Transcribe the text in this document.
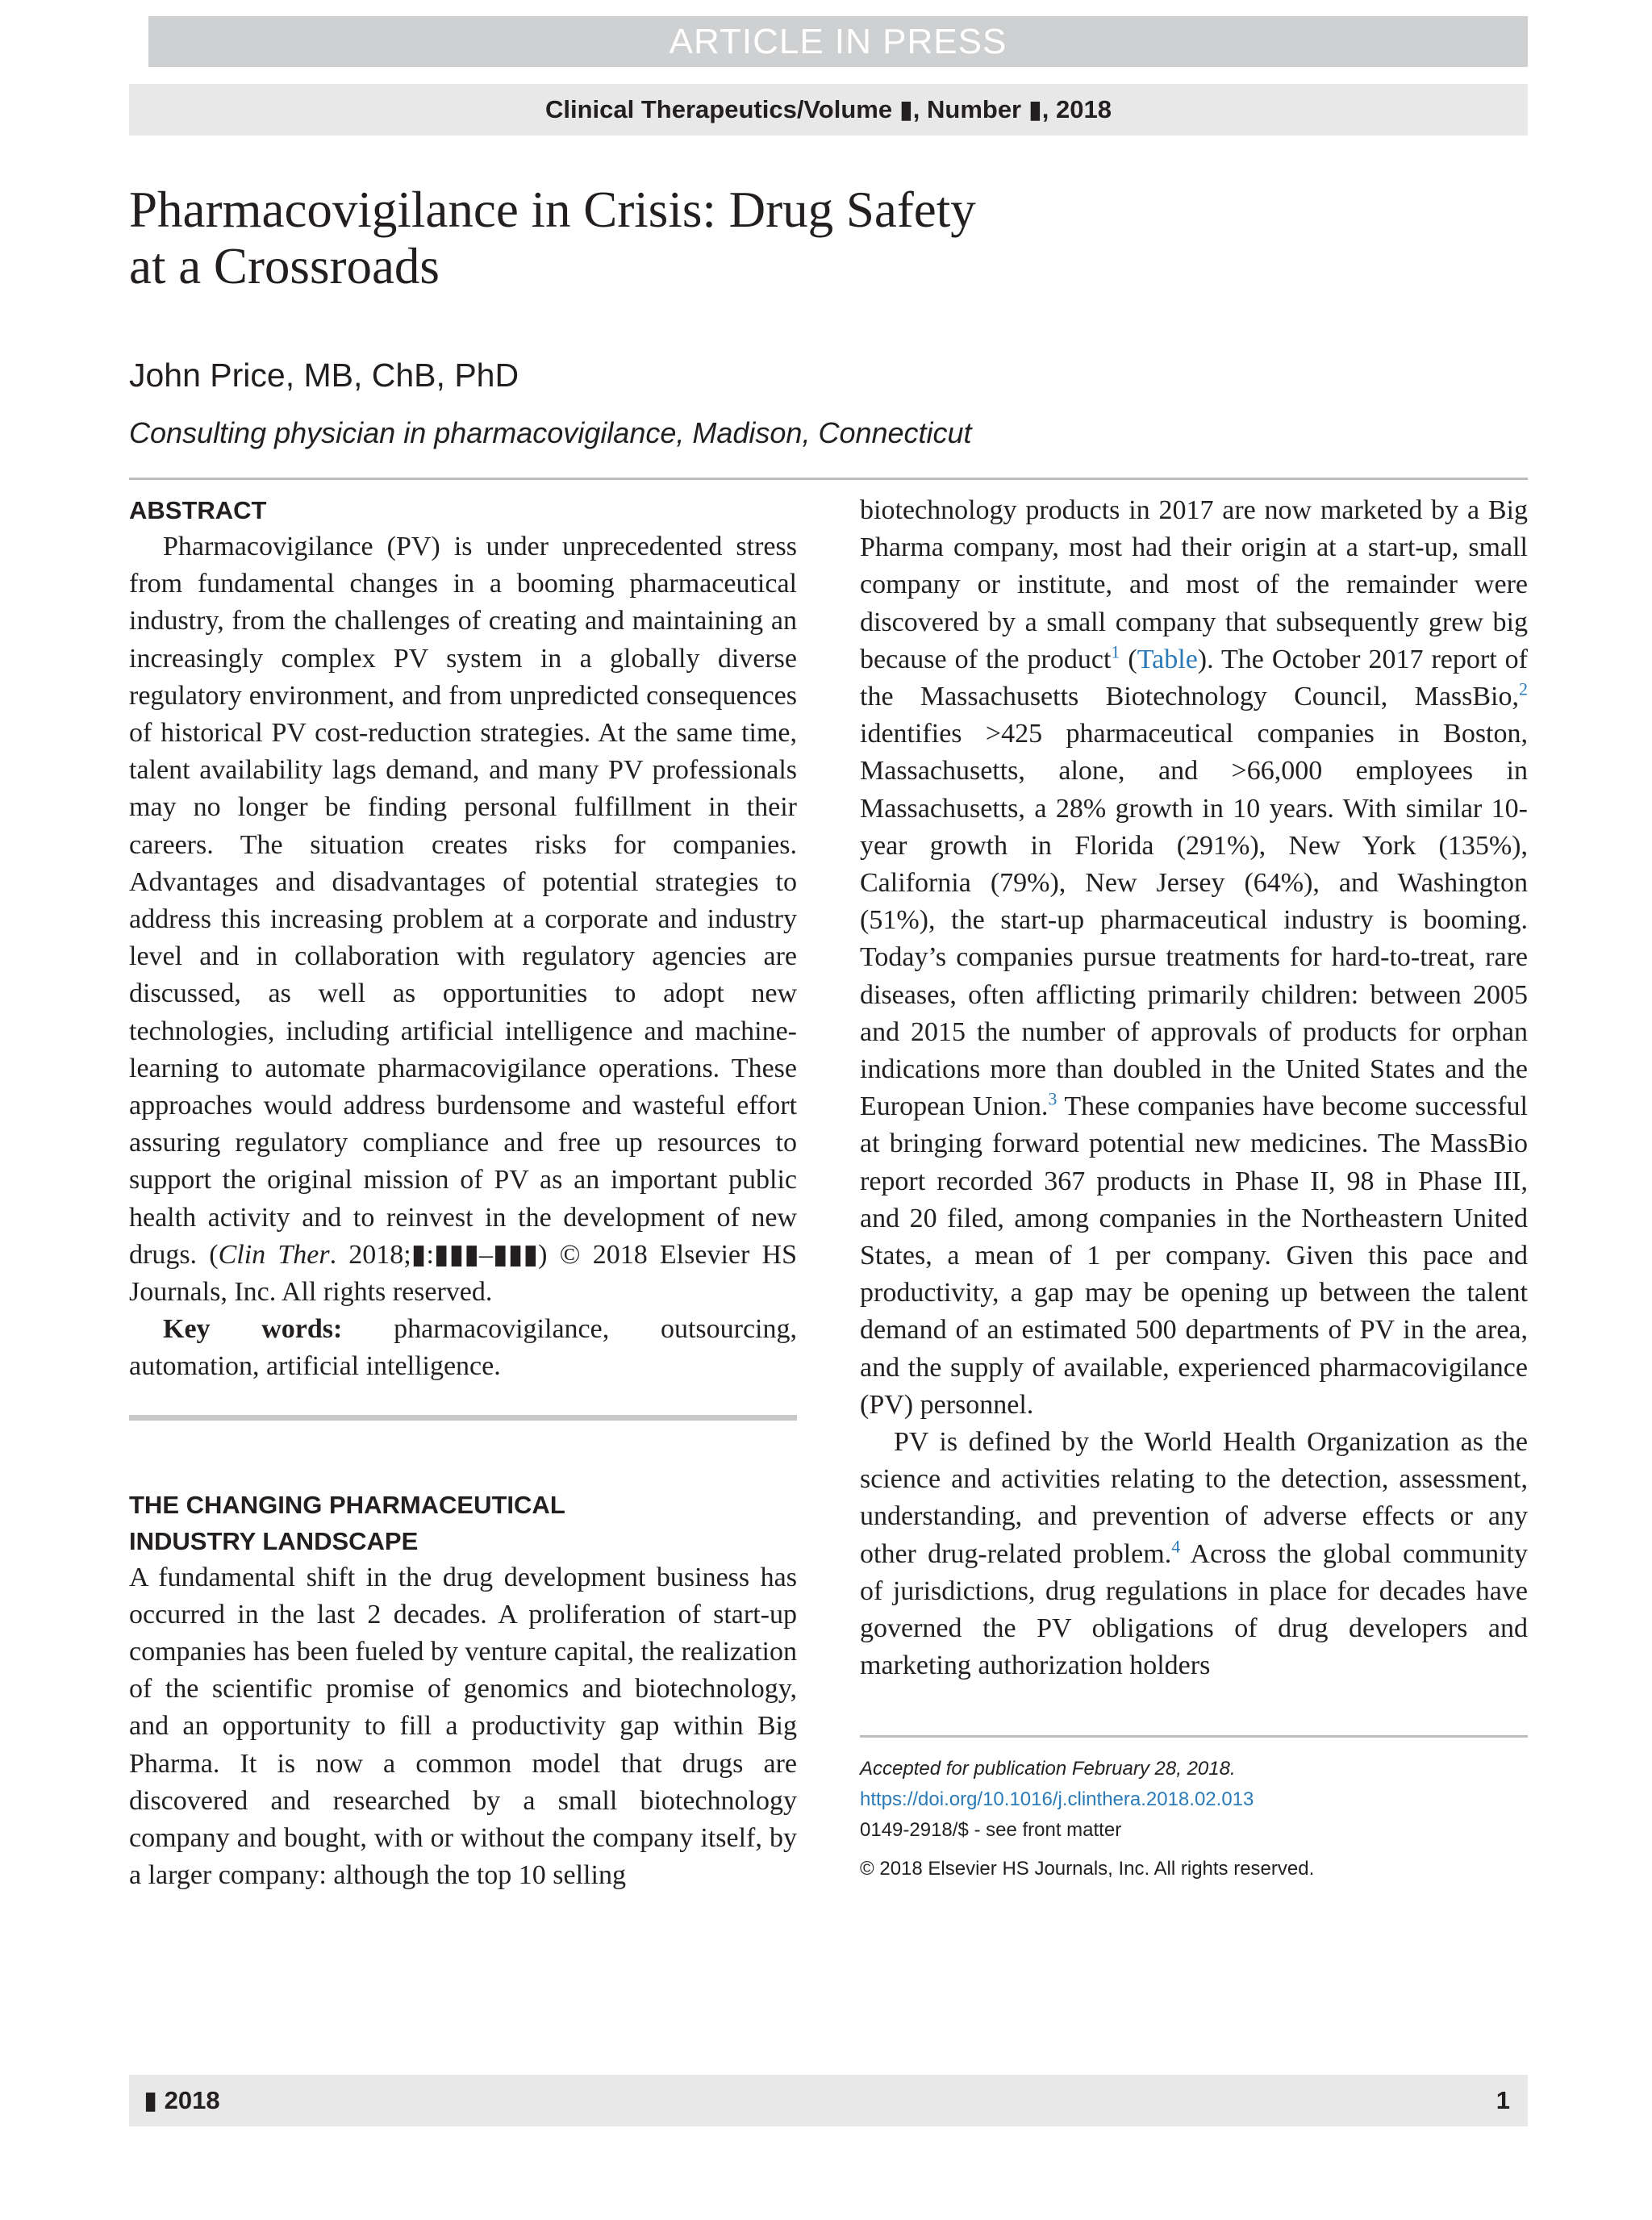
ARTICLE IN PRESS
Clinical Therapeutics/Volume ▮, Number ▮, 2018
Pharmacovigilance in Crisis: Drug Safety
at a Crossroads
John Price, MB, ChB, PhD
Consulting physician in pharmacovigilance, Madison, Connecticut
ABSTRACT

Pharmacovigilance (PV) is under unprecedented stress from fundamental changes in a booming pharmaceutical industry, from the challenges of creating and maintaining an increasingly complex PV system in a globally diverse regulatory environment, and from unpredicted consequences of historical PV cost-reduction strategies. At the same time, talent availability lags demand, and many PV professionals may no longer be finding personal fulfillment in their careers. The situation creates risks for companies. Advantages and disadvantages of potential strategies to address this increasing problem at a corporate and industry level and in collaboration with regulatory agencies are discussed, as well as opportunities to adopt new technologies, including artificial intelligence and machine-learning to automate pharmacovigilance operations. These approaches would address burdensome and wasteful effort assuring regulatory compliance and free up resources to support the original mission of PV as an important public health activity and to reinvest in the development of new drugs. (Clin Ther. 2018;▮:▮▮▮–▮▮▮) © 2018 Elsevier HS Journals, Inc. All rights reserved.

Key words: pharmacovigilance, outsourcing, automation, artificial intelligence.

THE CHANGING PHARMACEUTICAL
INDUSTRY LANDSCAPE

A fundamental shift in the drug development business has occurred in the last 2 decades. A proliferation of start-up companies has been fueled by venture capital, the realization of the scientific promise of genomics and biotechnology, and an opportunity to fill a productivity gap within Big Pharma. It is now a common model that drugs are discovered and researched by a small biotechnology company and bought, with or without the company itself, by a larger company: although the top 10 selling

biotechnology products in 2017 are now marketed by a Big Pharma company, most had their origin at a start-up, small company or institute, and most of the remainder were discovered by a small company that subsequently grew big because of the product$^1$ (Table). The October 2017 report of the Massachusetts Biotechnology Council, MassBio,$^2$ identifies >425 pharmaceutical companies in Boston, Massachusetts, alone, and >66,000 employees in Massachusetts, a 28% growth in 10 years. With similar 10-year growth in Florida (291%), New York (135%), California (79%), New Jersey (64%), and Washington (51%), the start-up pharmaceutical industry is booming. Today’s companies pursue treatments for hard-to-treat, rare diseases, often afflicting primarily children: between 2005 and 2015 the number of approvals of products for orphan indications more than doubled in the United States and the European Union.$^3$ These companies have become successful at bringing forward potential new medicines. The MassBio report recorded 367 products in Phase II, 98 in Phase III, and 20 filed, among companies in the Northeastern United States, a mean of 1 per company. Given this pace and productivity, a gap may be opening up between the talent demand of an estimated 500 departments of PV in the area, and the supply of available, experienced pharmacovigilance (PV) personnel.

PV is defined by the World Health Organization as the science and activities relating to the detection, assessment, understanding, and prevention of adverse effects or any other drug-related problem.$^4$ Across the global community of jurisdictions, drug regulations in place for decades have governed the PV obligations of drug developers and marketing authorization holders

Accepted for publication February 28, 2018.
https://doi.org/10.1016/j.clinthera.2018.02.013
0149-2918/$ - see front matter
© 2018 Elsevier HS Journals, Inc. All rights reserved.
▮ 2018	1
